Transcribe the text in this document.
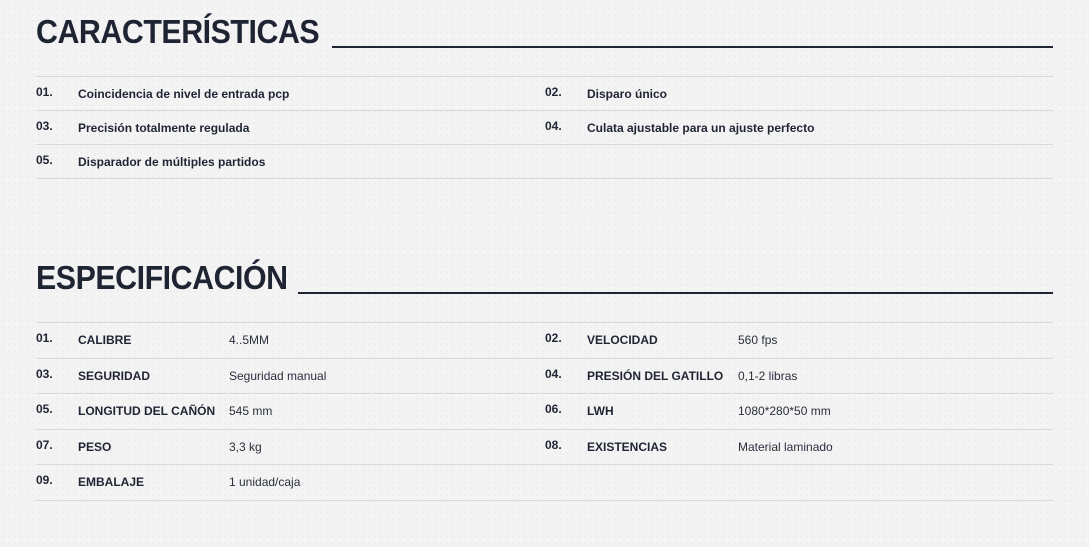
CARACTERÍSTICAS
01.	Coincidencia de nivel de entrada pcp	02.	Disparo único
03.	Precisión totalmente regulada	04.	Culata ajustable para un ajuste perfecto
05.	Disparador de múltiples partidos
ESPECIFICACIÓN
01.	CALIBRE	4..5MM	02.	VELOCIDAD	560 fps
03.	SEGURIDAD	Seguridad manual	04.	PRESIÓN DEL GATILLO	0,1-2 libras
05.	LONGITUD DEL CAÑÓN	545 mm	06.	LWH	1080*280*50 mm
07.	PESO	3,3 kg	08.	EXISTENCIAS	Material laminado
09.	EMBALAJE	1 unidad/caja
